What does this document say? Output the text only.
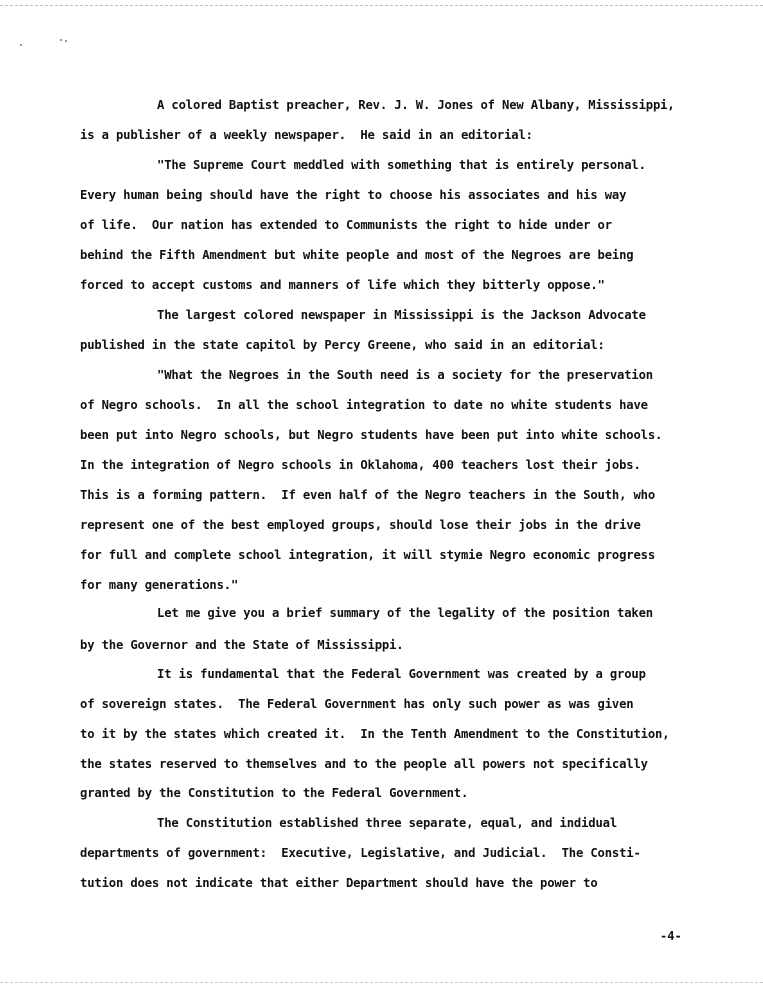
A colored Baptist preacher, Rev. J. W. Jones of New Albany, Mississippi,
is a publisher of a weekly newspaper.  He said in an editorial:
"The Supreme Court meddled with something that is entirely personal.
Every human being should have the right to choose his associates and his way
of life.  Our nation has extended to Communists the right to hide under or
behind the Fifth Amendment but white people and most of the Negroes are being
forced to accept customs and manners of life which they bitterly oppose."
The largest colored newspaper in Mississippi is the Jackson Advocate
published in the state capitol by Percy Greene, who said in an editorial:
"What the Negroes in the South need is a society for the preservation
of Negro schools.  In all the school integration to date no white students have
been put into Negro schools, but Negro students have been put into white schools.
In the integration of Negro schools in Oklahoma, 400 teachers lost their jobs.
This is a forming pattern.  If even half of the Negro teachers in the South, who
represent one of the best employed groups, should lose their jobs in the drive
for full and complete school integration, it will stymie Negro economic progress
for many generations."
Let me give you a brief summary of the legality of the position taken
by the Governor and the State of Mississippi.
It is fundamental that the Federal Government was created by a group
of sovereign states.  The Federal Government has only such power as was given
to it by the states which created it.  In the Tenth Amendment to the Constitution,
the states reserved to themselves and to the people all powers not specifically
granted by the Constitution to the Federal Government.
The Constitution established three separate, equal, and indidual
departments of government:  Executive, Legislative, and Judicial.  The Consti-
tution does not indicate that either Department should have the power to
-4-
